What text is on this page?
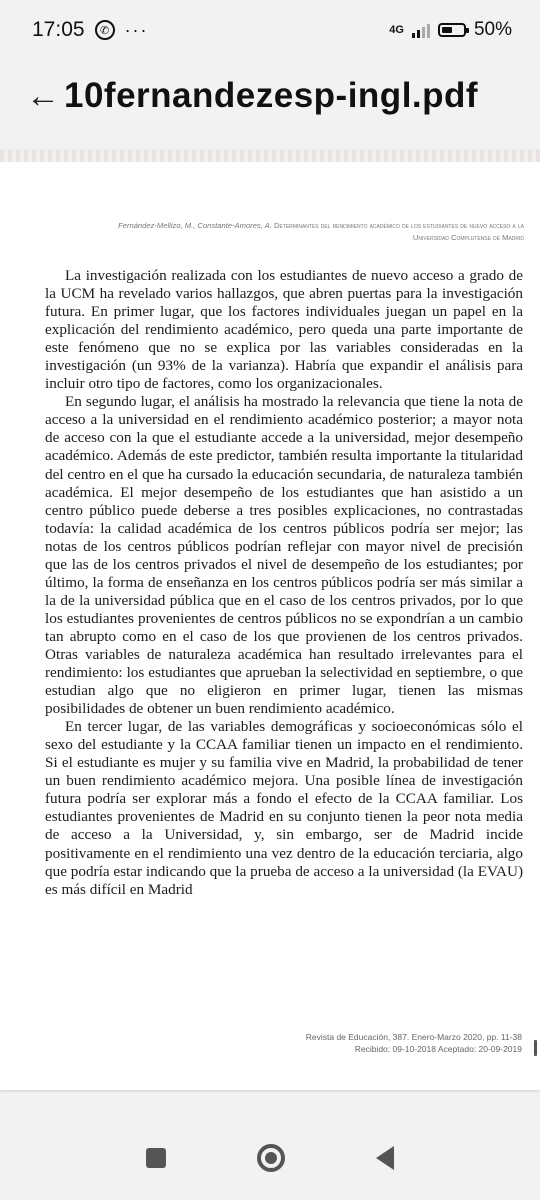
17:05	✆ ···	4G	50%
← 10fernandezesp-ingl.pdf
Fernández-Mellizo, M., Constante-Amores, A. Determinantes del rendimiento académico de los estudiantes de nuevo acceso a la
Universidad Complutense de Madrid

La investigación realizada con los estudiantes de nuevo acceso a grado de la UCM ha revelado varios hallazgos, que abren puertas para la investigación futura. En primer lugar, que los factores individuales juegan un papel en la explicación del rendimiento académico, pero queda una parte importante de este fenómeno que no se explica por las variables consideradas en la investigación (un 93% de la varianza). Habría que expandir el análisis para incluir otro tipo de factores, como los organizacionales.

En segundo lugar, el análisis ha mostrado la relevancia que tiene la nota de acceso a la universidad en el rendimiento académico posterior; a mayor nota de acceso con la que el estudiante accede a la universidad, mejor desempeño académico. Además de este predictor, también resulta importante la titularidad del centro en el que ha cursado la educación secundaria, de naturaleza también académica. El mejor desempeño de los estudiantes que han asistido a un centro público puede deberse a tres posibles explicaciones, no contrastadas todavía: la calidad académica de los centros públicos podría ser mejor; las notas de los centros públicos podrían reflejar con mayor nivel de precisión que las de los centros privados el nivel de desempeño de los estudiantes; por último, la forma de enseñanza en los centros públicos podría ser más similar a la de la universidad pública que en el caso de los centros privados, por lo que los estudiantes provenientes de centros públicos no se expondrían a un cambio tan abrupto como en el caso de los que provienen de los centros privados. Otras variables de naturaleza académica han resultado irrelevantes para el rendimiento: los estudiantes que aprueban la selectividad en septiembre, o que estudian algo que no eligieron en primer lugar, tienen las mismas posibilidades de obtener un buen rendimiento académico.

En tercer lugar, de las variables demográficas y socioeconómicas sólo el sexo del estudiante y la CCAA familiar tienen un impacto en el rendimiento. Si el estudiante es mujer y su familia vive en Madrid, la probabilidad de tener un buen rendimiento académico mejora. Una posible línea de investigación futura podría ser explorar más a fondo el efecto de la CCAA familiar. Los estudiantes provenientes de Madrid en su conjunto tienen la peor nota media de acceso a la Universidad, y, sin embargo, ser de Madrid incide positivamente en el rendimiento una vez dentro de la educación terciaria, algo que podría estar indicando que la prueba de acceso a la universidad (la EVAU) es más difícil en Madrid

Revista de Educación, 387. Enero-Marzo 2020, pp. 11-38
Recibido: 09-10-2018 Aceptado: 20-09-2019
